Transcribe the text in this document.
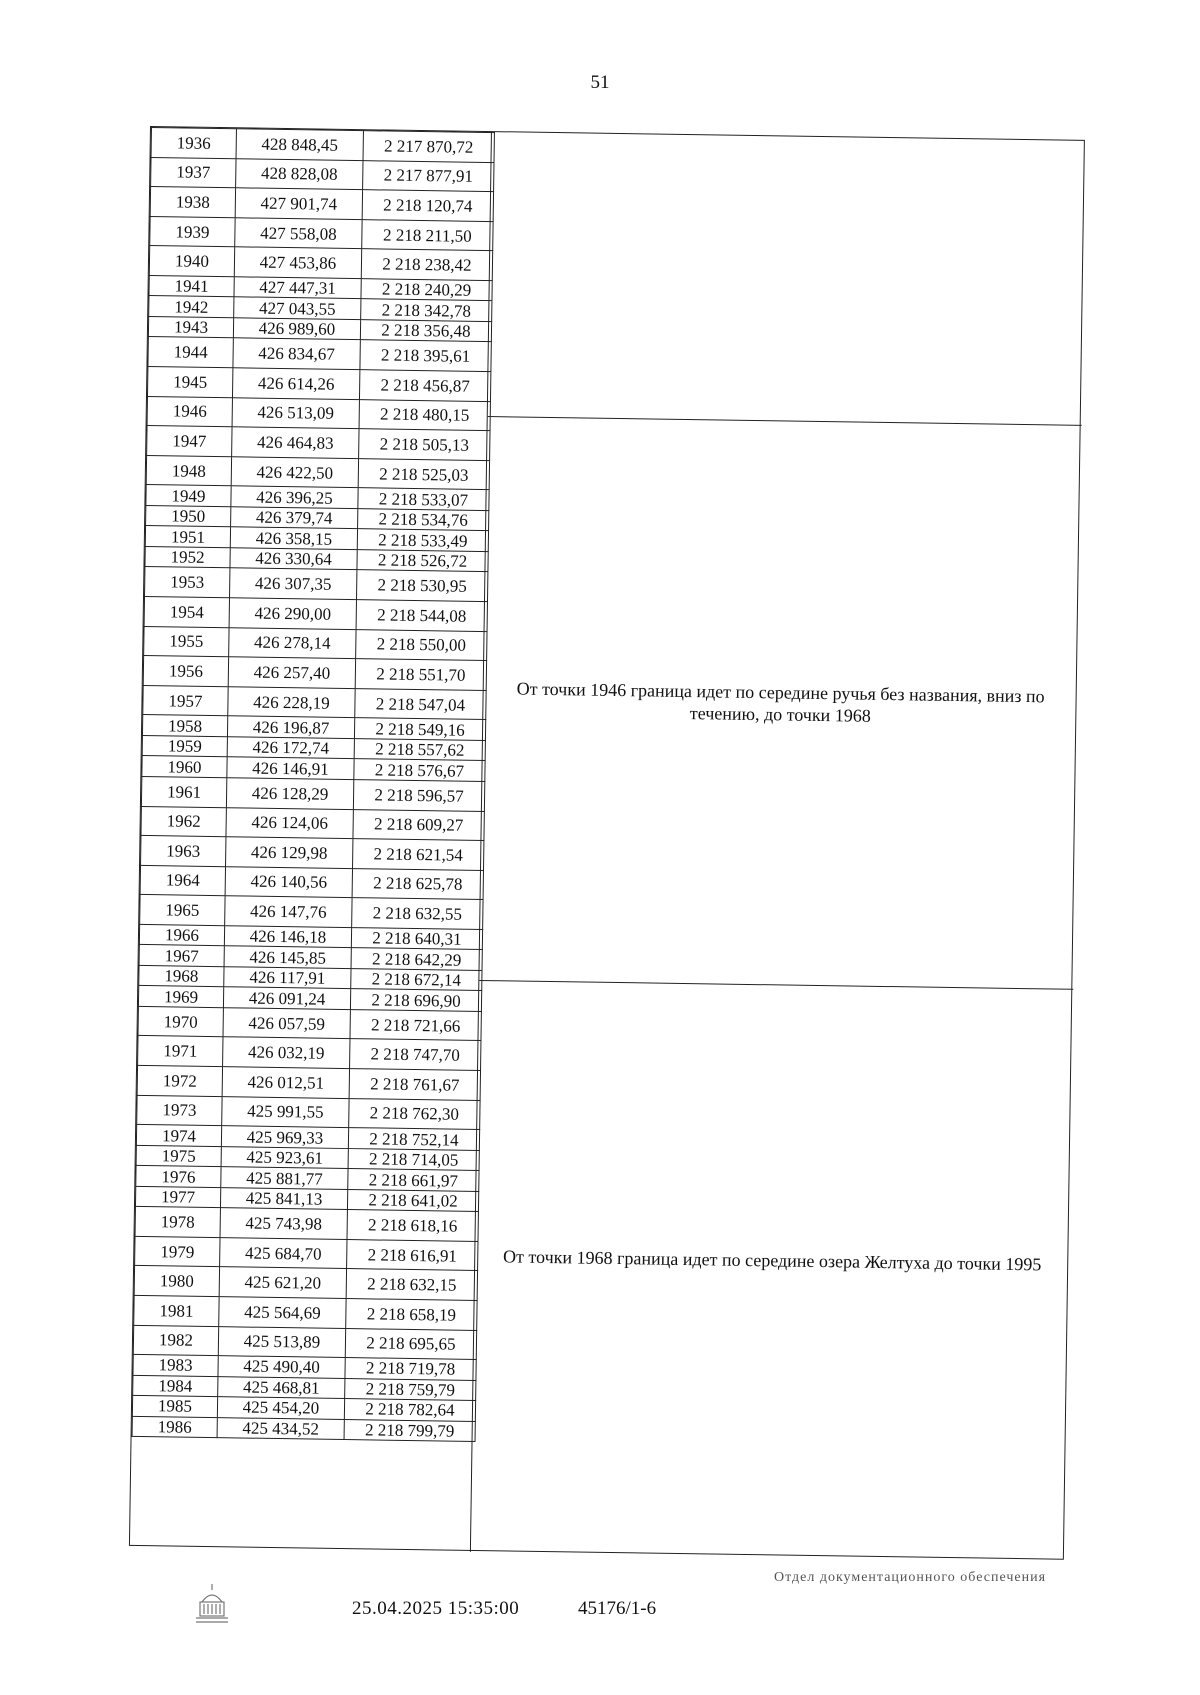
51
1936	428 848,45	2 217 870,72
1937	428 828,08	2 217 877,91
1938	427 901,74	2 218 120,74
1939	427 558,08	2 218 211,50
1940	427 453,86	2 218 238,42
1941	427 447,31	2 218 240,29
1942	427 043,55	2 218 342,78
1943	426 989,60	2 218 356,48
1944	426 834,67	2 218 395,61
1945	426 614,26	2 218 456,87
1946	426 513,09	2 218 480,15
1947	426 464,83	2 218 505,13
1948	426 422,50	2 218 525,03
1949	426 396,25	2 218 533,07
1950	426 379,74	2 218 534,76
1951	426 358,15	2 218 533,49
1952	426 330,64	2 218 526,72
1953	426 307,35	2 218 530,95
1954	426 290,00	2 218 544,08
1955	426 278,14	2 218 550,00
1956	426 257,40	2 218 551,70
1957	426 228,19	2 218 547,04
1958	426 196,87	2 218 549,16
1959	426 172,74	2 218 557,62
1960	426 146,91	2 218 576,67
1961	426 128,29	2 218 596,57
1962	426 124,06	2 218 609,27
1963	426 129,98	2 218 621,54
1964	426 140,56	2 218 625,78
1965	426 147,76	2 218 632,55
1966	426 146,18	2 218 640,31
1967	426 145,85	2 218 642,29
1968	426 117,91	2 218 672,14
1969	426 091,24	2 218 696,90
1970	426 057,59	2 218 721,66
1971	426 032,19	2 218 747,70
1972	426 012,51	2 218 761,67
1973	425 991,55	2 218 762,30
1974	425 969,33	2 218 752,14
1975	425 923,61	2 218 714,05
1976	425 881,77	2 218 661,97
1977	425 841,13	2 218 641,02
1978	425 743,98	2 218 618,16
1979	425 684,70	2 218 616,91
1980	425 621,20	2 218 632,15
1981	425 564,69	2 218 658,19
1982	425 513,89	2 218 695,65
1983	425 490,40	2 218 719,78
1984	425 468,81	2 218 759,79
1985	425 454,20	2 218 782,64
1986	425 434,52	2 218 799,79
От точки 1946 граница идет по середине ручья без названия, вниз по течению, до точки 1968
От точки 1968 граница идет по середине озера Желтуха до точки 1995
25.04.2025 15:35:00	45176/1-6
Отдел документационного обеспечения
